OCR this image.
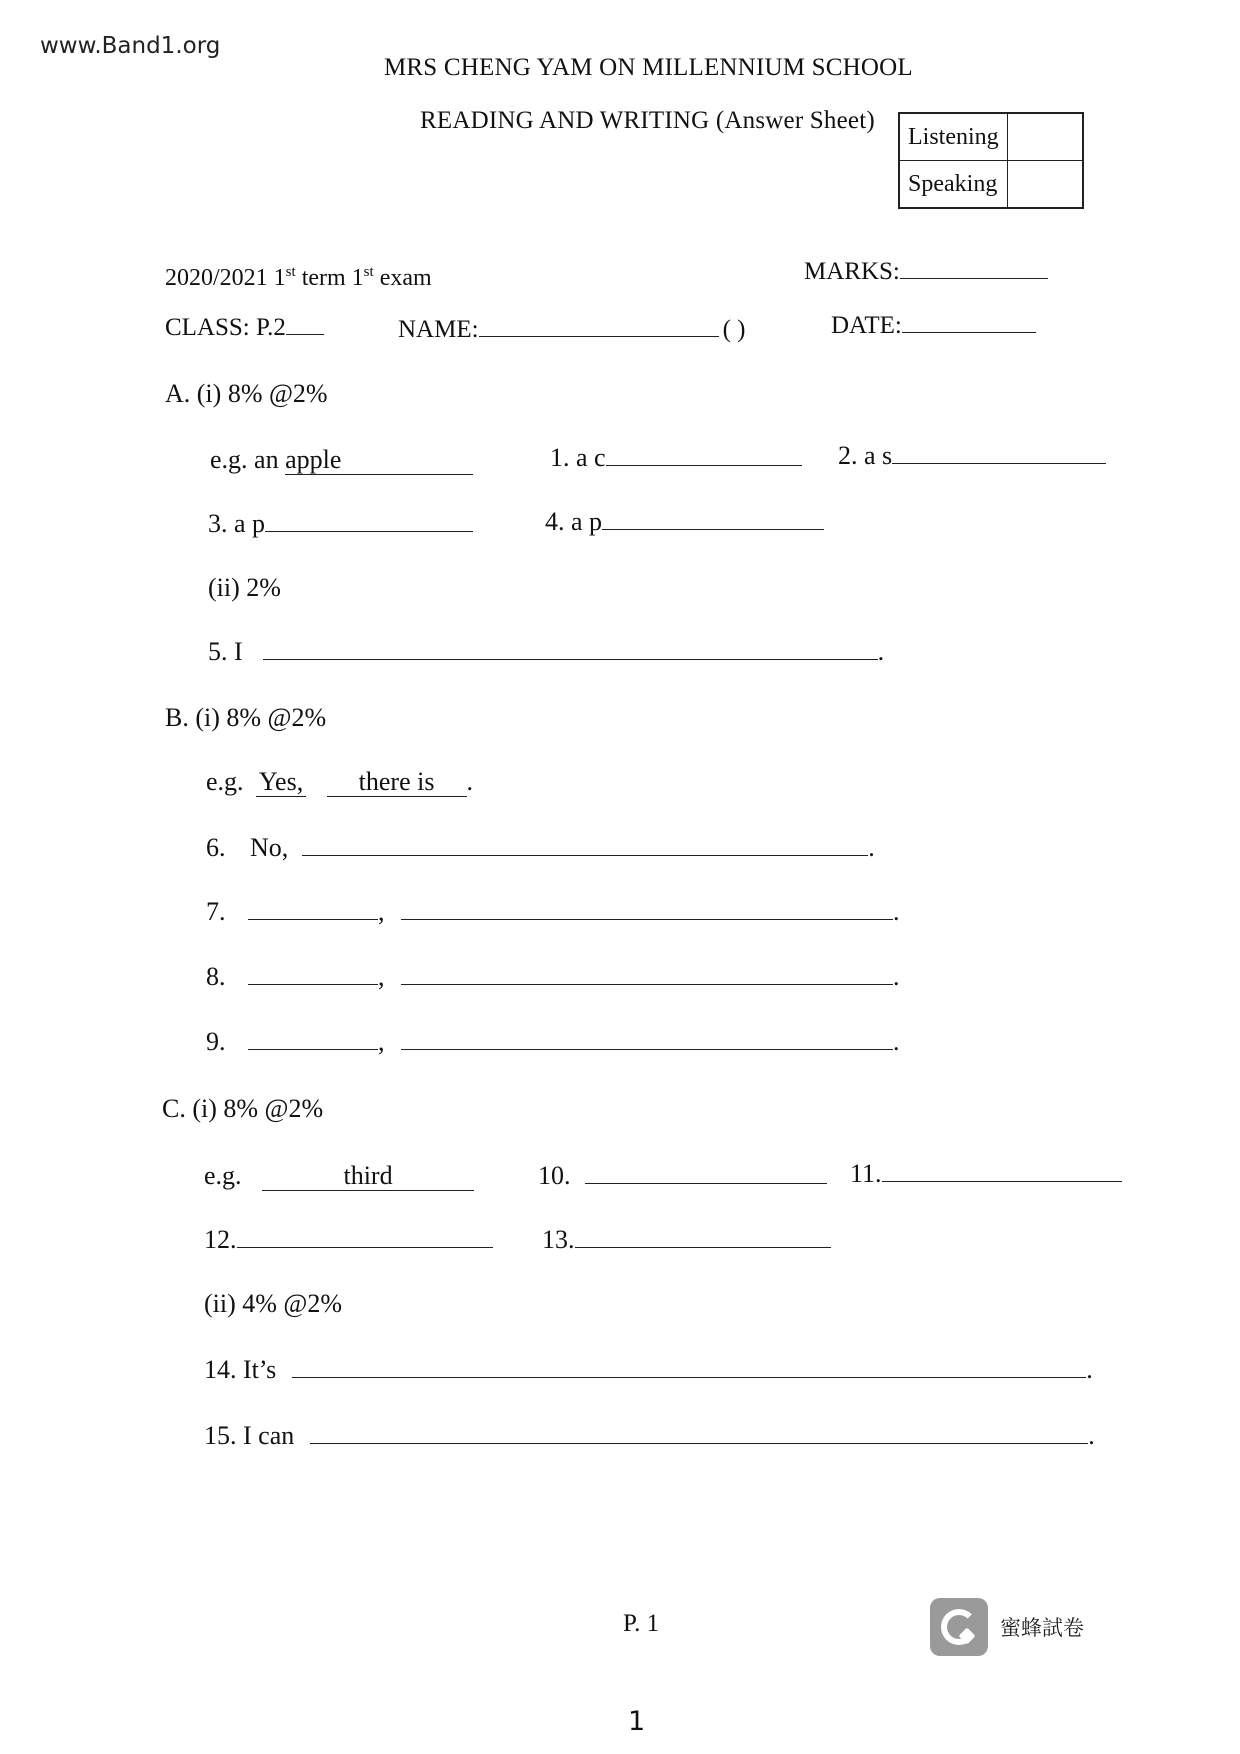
www.Band1.org
MRS CHENG YAM ON MILLENNIUM SCHOOL
READING AND WRITING (Answer Sheet)
Listening	
Speaking	
2020/2021 1st term 1st exam	MARKS:
CLASS: P.2	NAME:	( )	DATE:
A. (i) 8% @2%
e.g. an apple	1. a c	2. a s
3. a p	4. a p
(ii) 2%
5. I	.
B. (i) 8% @2%
e.g. Yes, there is .
6. No,	.
7.	,	.
8.	,	.
9.	,	.
C. (i) 8% @2%
e.g.	third	10.	11.
12.	13.
(ii) 4% @2%
14. It’s	.
15. I can	.
P. 1	蜜蜂試卷
1
